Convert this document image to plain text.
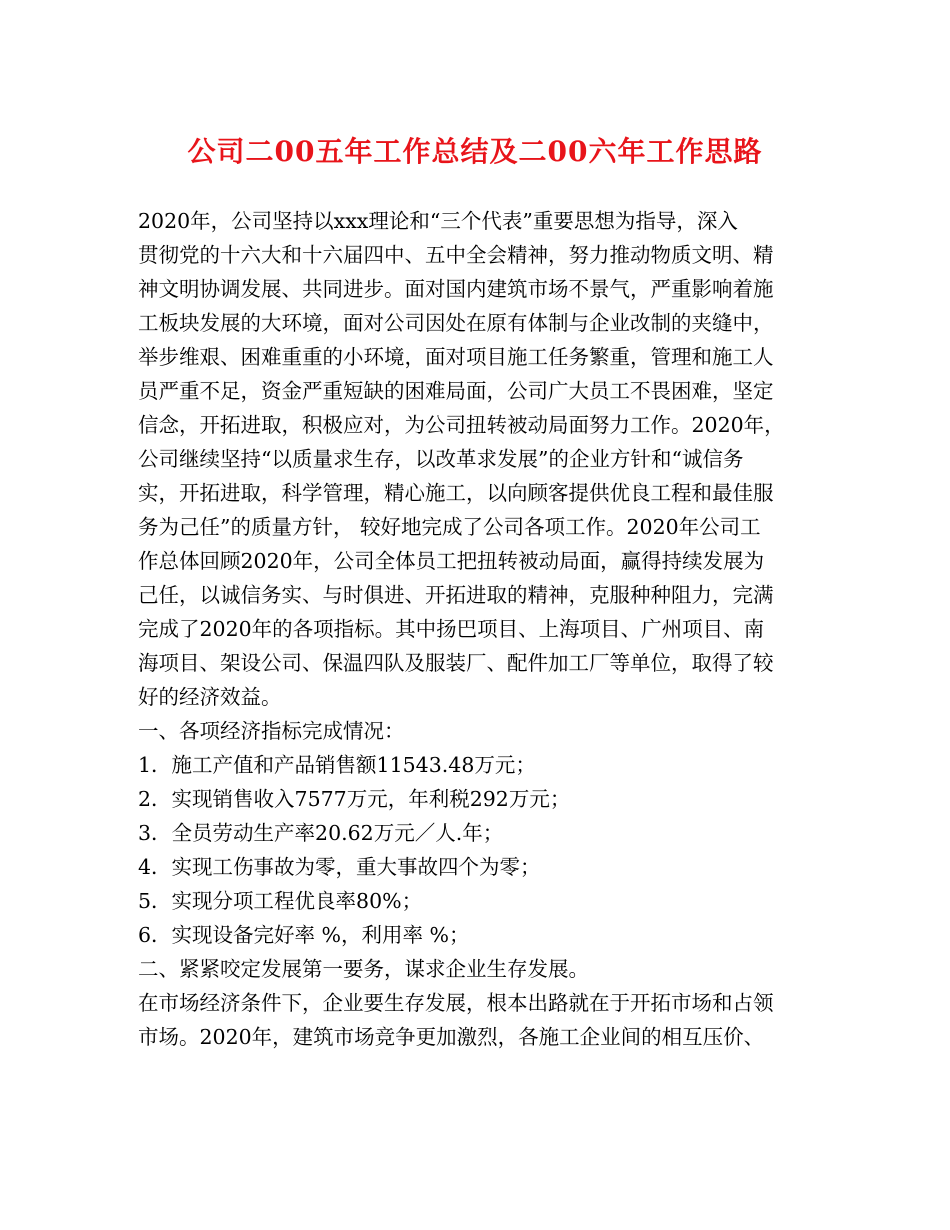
公司二00五年工作总结及二00六年工作思路
2020年，公司坚持以xxx理论和“三个代表”重要思想为指导，深入
贯彻党的十六大和十六届四中、五中全会精神，努力推动物质文明、精
神文明协调发展、共同进步。面对国内建筑市场不景气，严重影响着施
工板块发展的大环境，面对公司因处在原有体制与企业改制的夹缝中，
举步维艰、困难重重的小环境，面对项目施工任务繁重，管理和施工人
员严重不足，资金严重短缺的困难局面，公司广大员工不畏困难，坚定
信念，开拓进取，积极应对，为公司扭转被动局面努力工作。2020年，
公司继续坚持“以质量求生存，以改革求发展”的企业方针和“诚信务
实，开拓进取，科学管理，精心施工，以向顾客提供优良工程和最佳服
务为己任”的质量方针， 较好地完成了公司各项工作。2020年公司工
作总体回顾2020年，公司全体员工把扭转被动局面，赢得持续发展为
己任，以诚信务实、与时俱进、开拓进取的精神，克服种种阻力，完满
完成了2020年的各项指标。其中扬巴项目、上海项目、广州项目、南
海项目、架设公司、保温四队及服装厂、配件加工厂等单位，取得了较
好的经济效益。
一、各项经济指标完成情况：
1．施工产值和产品销售额11543.48万元；
2．实现销售收入7577万元，年利税292万元；
3．全员劳动生产率20.62万元／人.年；
4．实现工伤事故为零，重大事故四个为零；
5．实现分项工程优良率80%；
6．实现设备完好率 %，利用率 %；
二、紧紧咬定发展第一要务，谋求企业生存发展。
在市场经济条件下，企业要生存发展，根本出路就在于开拓市场和占领
市场。2020年，建筑市场竞争更加激烈，各施工企业间的相互压价、
